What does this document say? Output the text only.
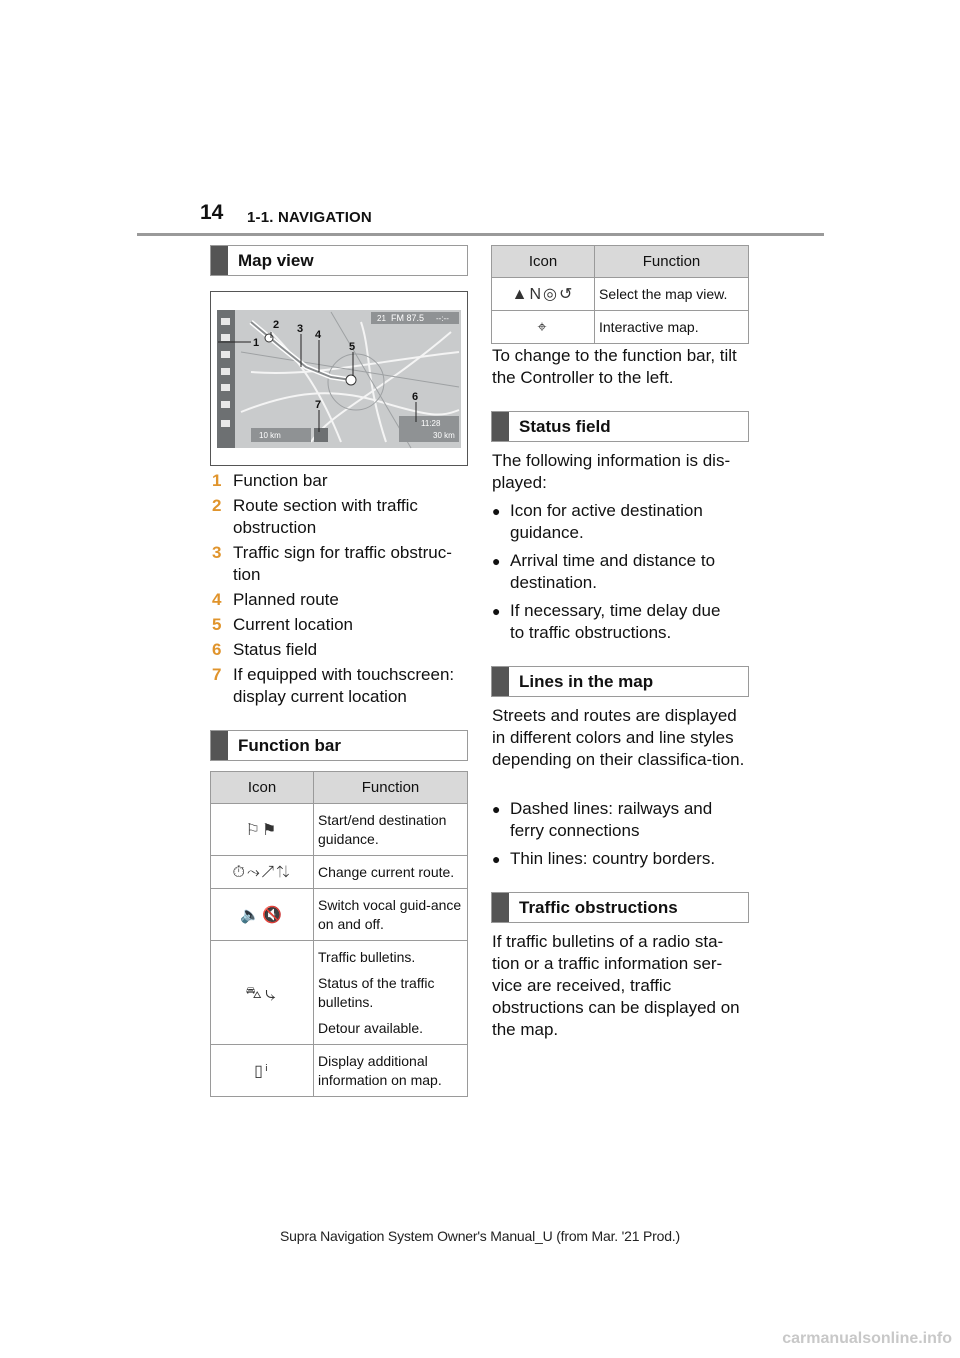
14 1-1. NAVIGATION
Map view
21 FM 87.5 --:--
10 km
11:28
30 km
1
2 3 4
5
6
7
1 Function bar
2 Route section with traffic obstruction
3 Traffic sign for traffic obstruc-tion
4 Planned route
5 Current location
6 Status field
7 If equipped with touchscreen: display current location
Function bar
Icon	Function
⚐⚑	Start/end destination guidance.

⏱⤳↗⇅	Change current route.

🔈🔇	Switch vocal guid-ance on and off.

⛍⤷	Traffic bulletins.

Status of the traffic bulletins.

Detour available.

▯ⁱ	Display additional information on map.

Icon	Function
▲N◎↺	Select the map view.
⌖	Interactive map.
To change to the function bar, tilt the Controller to the left.
Status field
The following information is dis-played:
● Icon for active destination guidance.
● Arrival time and distance to destination.
● If necessary, time delay due to traffic obstructions.
Lines in the map
Streets and routes are displayed in different colors and line styles depending on their classifica-tion.
● Dashed lines: railways and ferry connections
● Thin lines: country borders.
Traffic obstructions
If traffic bulletins of a radio sta-tion or a traffic information ser-vice are received, traffic obstructions can be displayed on the map.
Supra Navigation System Owner's Manual_U (from Mar. '21 Prod.)
carmanualsonline.info
